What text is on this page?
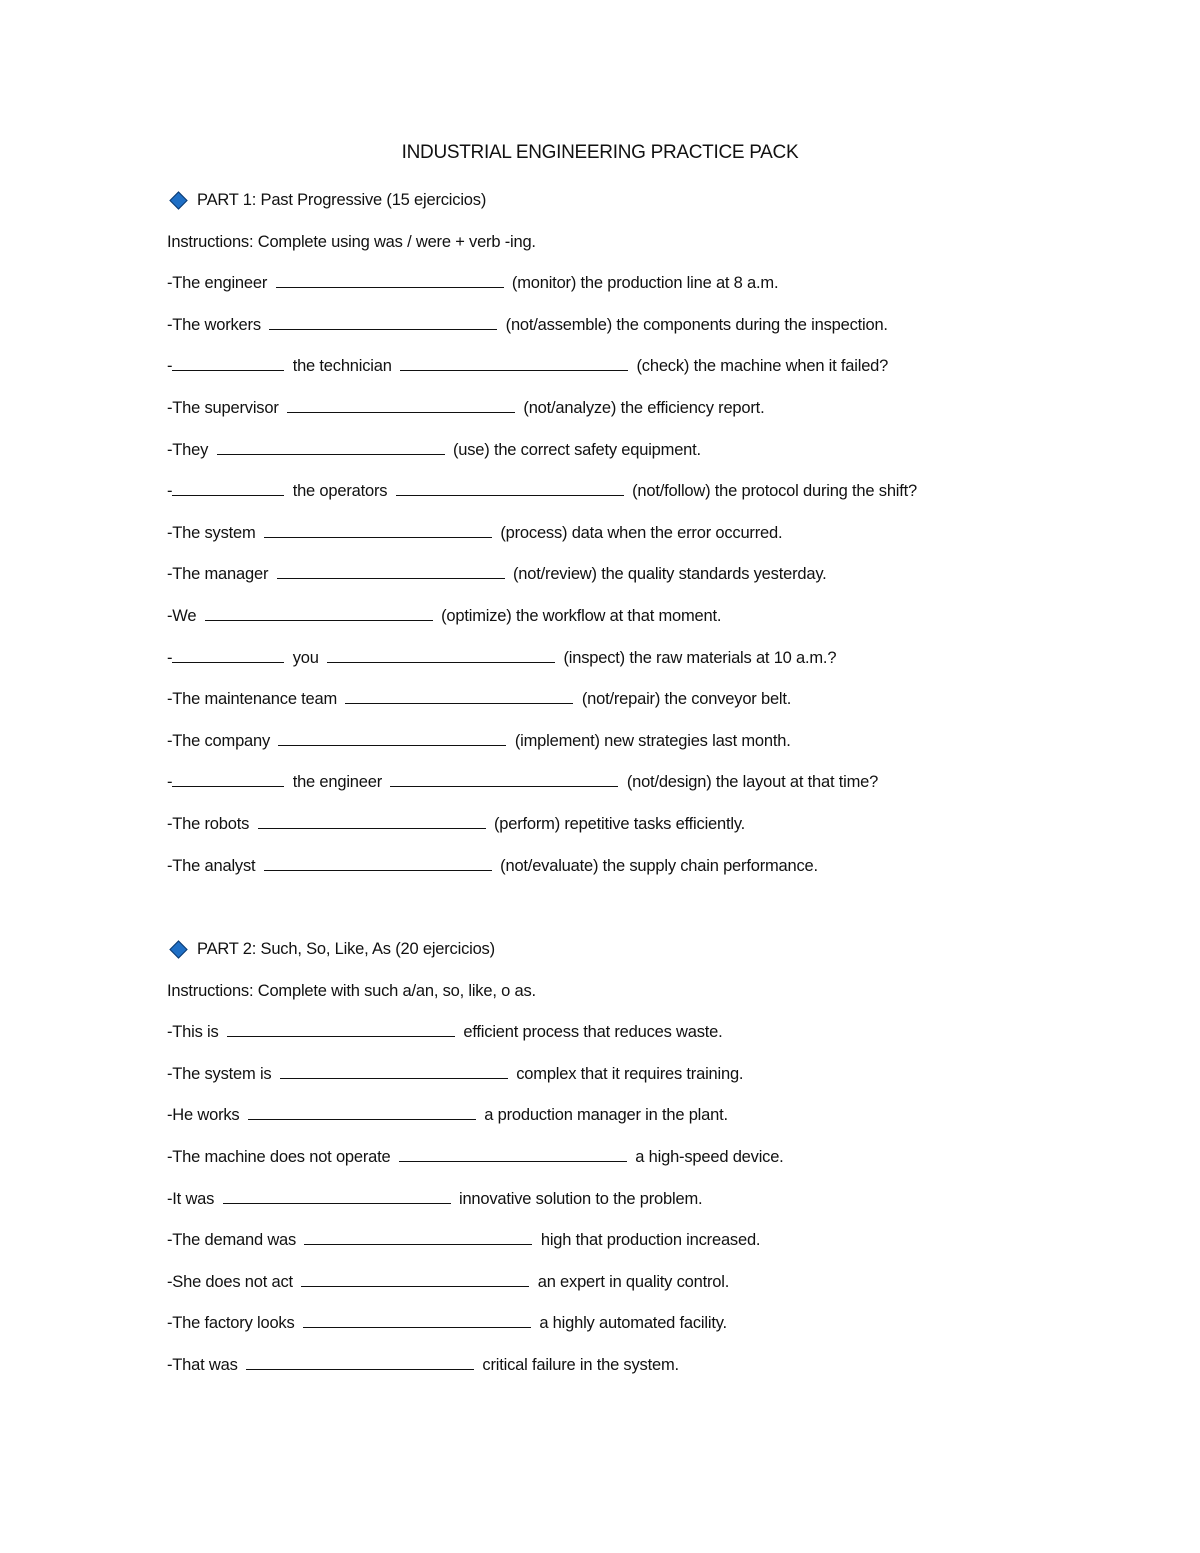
INDUSTRIAL ENGINEERING PRACTICE PACK
PART 1: Past Progressive (15 ejercicios)
Instructions: Complete using was / were + verb -ing.
-The engineer	(monitor) the production line at 8 a.m.
-The workers	(not/assemble) the components during the inspection.
-	the technician	(check) the machine when it failed?
-The supervisor	(not/analyze) the efficiency report.
-They	(use) the correct safety equipment.
-	the operators	(not/follow) the protocol during the shift?
-The system	(process) data when the error occurred.
-The manager	(not/review) the quality standards yesterday.
-We	(optimize) the workflow at that moment.
-	you	(inspect) the raw materials at 10 a.m.?
-The maintenance team	(not/repair) the conveyor belt.
-The company	(implement) new strategies last month.
-	the engineer	(not/design) the layout at that time?
-The robots	(perform) repetitive tasks efficiently.
-The analyst	(not/evaluate) the supply chain performance.
PART 2: Such, So, Like, As (20 ejercicios)
Instructions: Complete with such a/an, so, like, o as.
-This is	efficient process that reduces waste.
-The system is	complex that it requires training.
-He works	a production manager in the plant.
-The machine does not operate	a high-speed device.
-It was	innovative solution to the problem.
-The demand was	high that production increased.
-She does not act	an expert in quality control.
-The factory looks	a highly automated facility.
-That was	critical failure in the system.
